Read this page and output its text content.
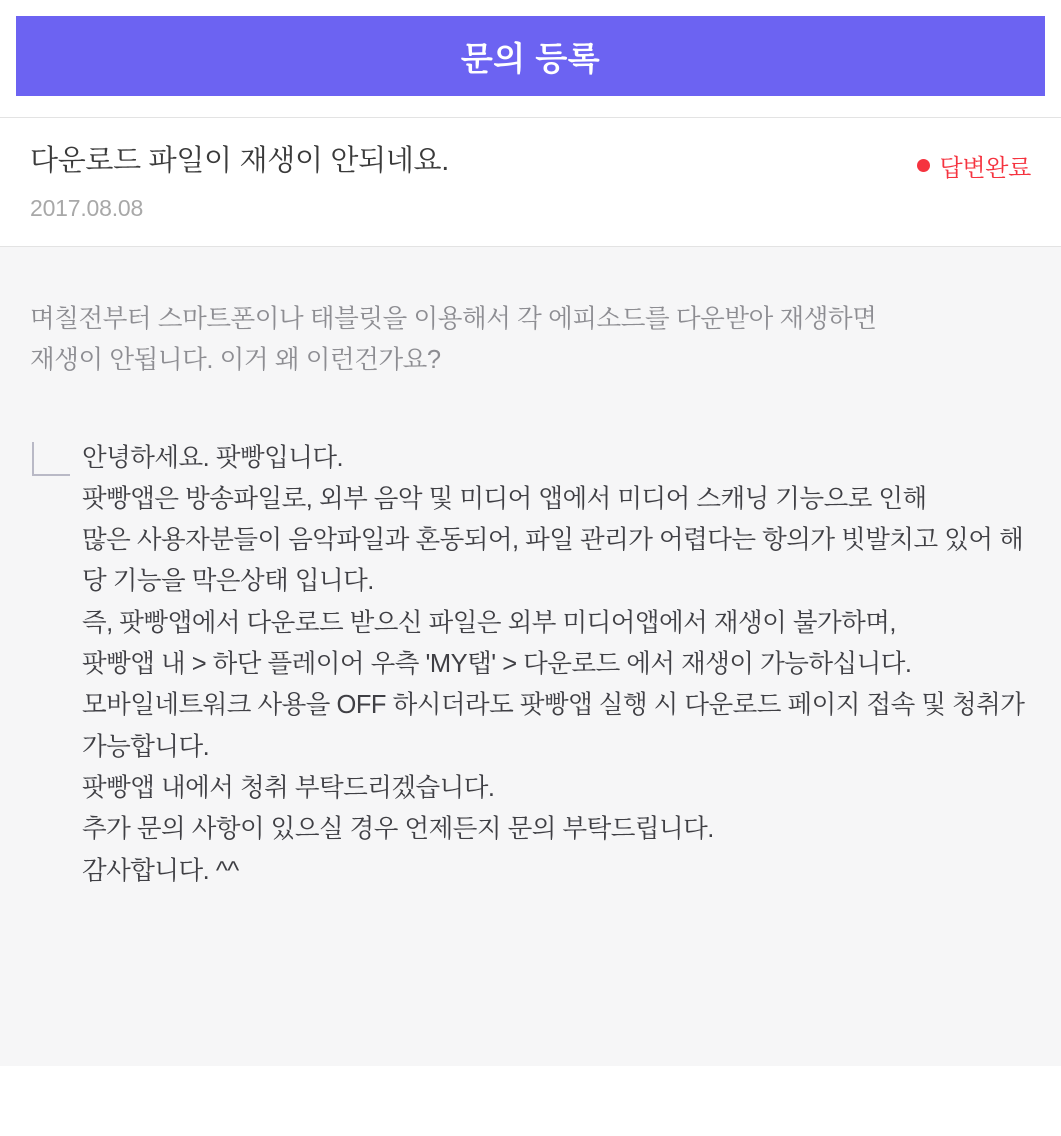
문의 등록
다운로드 파일이 재생이 안되네요.	답변완료
2017.08.08

며칠전부터 스마트폰이나 태블릿을 이용해서 각 에피소드를 다운받아 재생하면

재생이 안됩니다. 이거 왜 이런건가요?

안녕하세요. 팟빵입니다.

팟빵앱은 방송파일로, 외부 음악 및 미디어 앱에서 미디어 스캐닝 기능으로 인해

많은 사용자분들이 음악파일과 혼동되어, 파일 관리가 어렵다는 항의가 빗발치고 있어 해당 기능을 막은상태 입니다.

즉, 팟빵앱에서 다운로드 받으신 파일은 외부 미디어앱에서 재생이 불가하며,

팟빵앱 내 > 하단 플레이어 우측 'MY탭' > 다운로드 에서 재생이 가능하십니다.

모바일네트워크 사용을 OFF 하시더라도 팟빵앱 실행 시 다운로드 페이지 접속 및 청취가 가능합니다.

팟빵앱 내에서 청취 부탁드리겠습니다.

추가 문의 사항이 있으실 경우 언제든지 문의 부탁드립니다.

감사합니다. ^^
